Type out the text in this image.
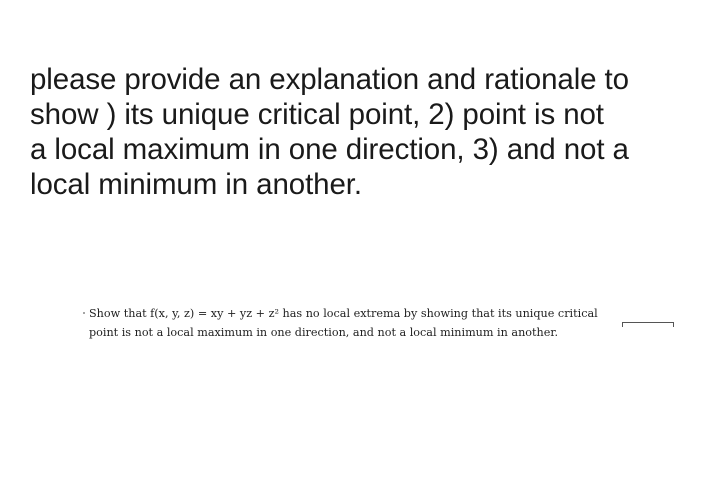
please provide an explanation and rationale to
show ) its unique critical point, 2) point is not
a local maximum in one direction, 3) and not a
local minimum in another.
Show that f(x, y, z) = xy + yz + z² has no local extrema by showing that its unique critical
point is not a local maximum in one direction, and not a local minimum in another.
